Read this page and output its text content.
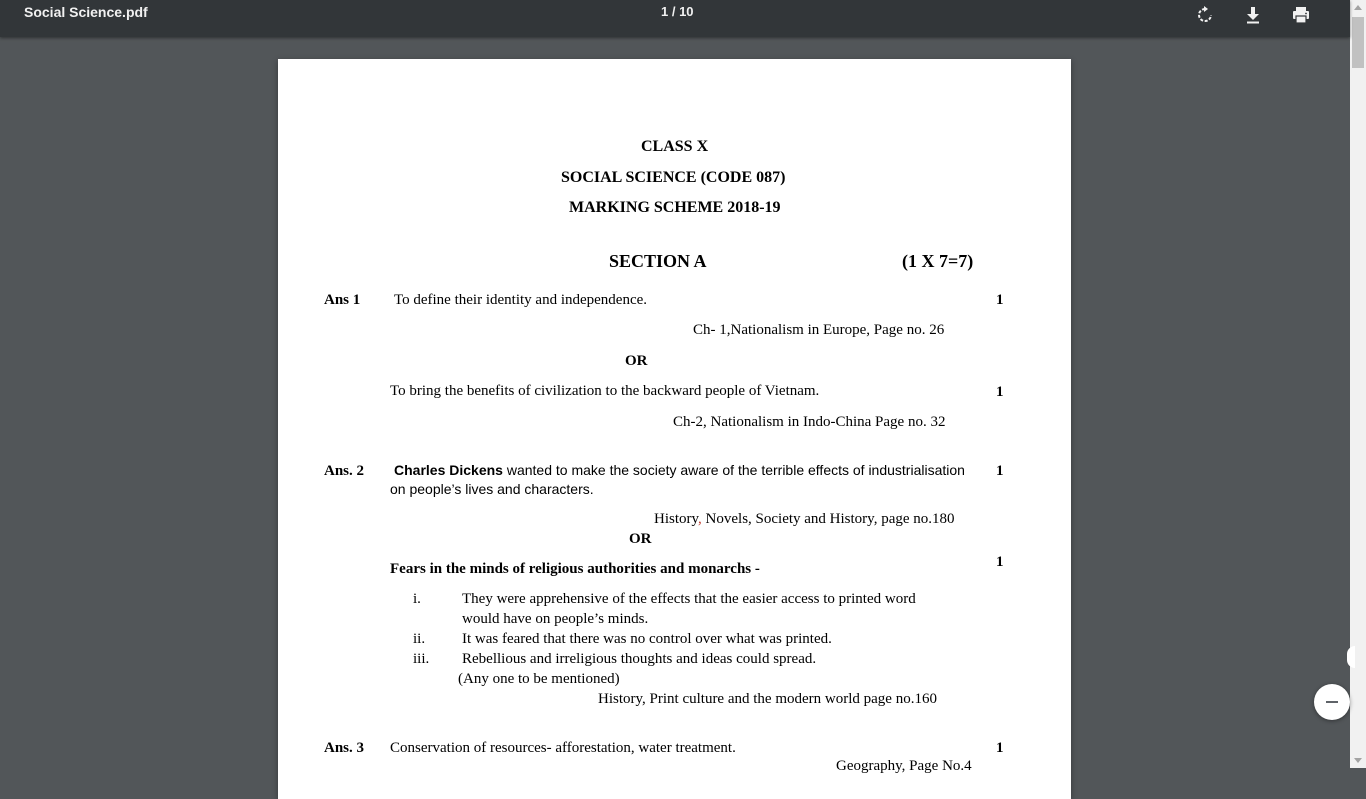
Social Science.pdf	1 / 10
CLASS X
SOCIAL SCIENCE (CODE 087)
MARKING SCHEME 2018-19
SECTION A	(1 X 7=7)
Ans 1 To define their identity and independence.	1
Ch- 1,Nationalism in Europe, Page no. 26
OR
To bring the benefits of civilization to the backward people of Vietnam.	1
Ch-2, Nationalism in Indo-China Page no. 32
Ans. 2 Charles Dickens wanted to make the society aware of the terrible effects of industrialisation
on people’s lives and characters.
1
History, Novels, Society and History, page no.180
OR
Fears in the minds of religious authorities and monarchs -	1
i.	They were apprehensive of the effects that the easier access to printed word
would have on people’s minds.
ii. It was feared that there was no control over what was printed.
iii. Rebellious and irreligious thoughts and ideas could spread.
(Any one to be mentioned)
History, Print culture and the modern world page no.160
Ans. 3 Conservation of resources- afforestation, water treatment.	1
Geography, Page No.4
